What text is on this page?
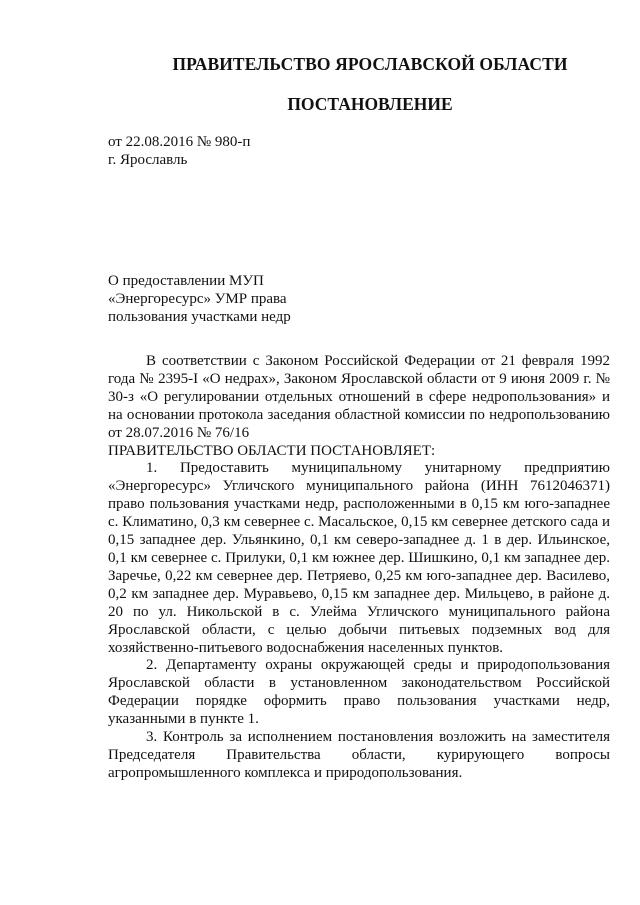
ПРАВИТЕЛЬСТВО ЯРОСЛАВСКОЙ ОБЛАСТИ
ПОСТАНОВЛЕНИЕ
от 22.08.2016 № 980-п
г. Ярославль
О предоставлении МУП
«Энергоресурс» УМР права
пользования участками недр

В соответствии с Законом Российской Федерации от 21 февраля 1992 года № 2395-I «О недрах», Законом Ярославской области от 9 июня 2009 г. № 30-з «О регулировании отдельных отношений в сфере недропользования» и на основании протокола заседания областной комиссии по недропользованию от 28.07.2016 № 76/16

ПРАВИТЕЛЬСТВО ОБЛАСТИ ПОСТАНОВЛЯЕТ:

1. Предоставить муниципальному унитарному предприятию «Энергоресурс» Угличского муниципального района (ИНН 7612046371) право пользования участками недр, расположенными в 0,15 км юго-западнее с. Климатино, 0,3 км севернее с. Масальское, 0,15 км севернее детского сада и 0,15 западнее дер. Ульянкино, 0,1 км северо-западнее д. 1 в дер. Ильинское, 0,1 км севернее с. Прилуки, 0,1 км южнее дер. Шишкино, 0,1 км западнее дер. Заречье, 0,22 км севернее дер. Петряево, 0,25 км юго-западнее дер. Василево, 0,2 км западнее дер. Муравьево, 0,15 км западнее дер. Мильцево, в районе д. 20 по ул. Никольской в с. Улейма Угличского муниципального района Ярославской области, с целью добычи питьевых подземных вод для хозяйственно-питьевого водоснабжения населенных пунктов.

2. Департаменту охраны окружающей среды и природопользования Ярославской области в установленном законодательством Российской Федерации порядке оформить право пользования участками недр, указанными в пункте 1.

3. Контроль за исполнением постановления возложить на заместителя Председателя Правительства области, курирующего вопросы

агропромышленного комплекса и природопользования.
